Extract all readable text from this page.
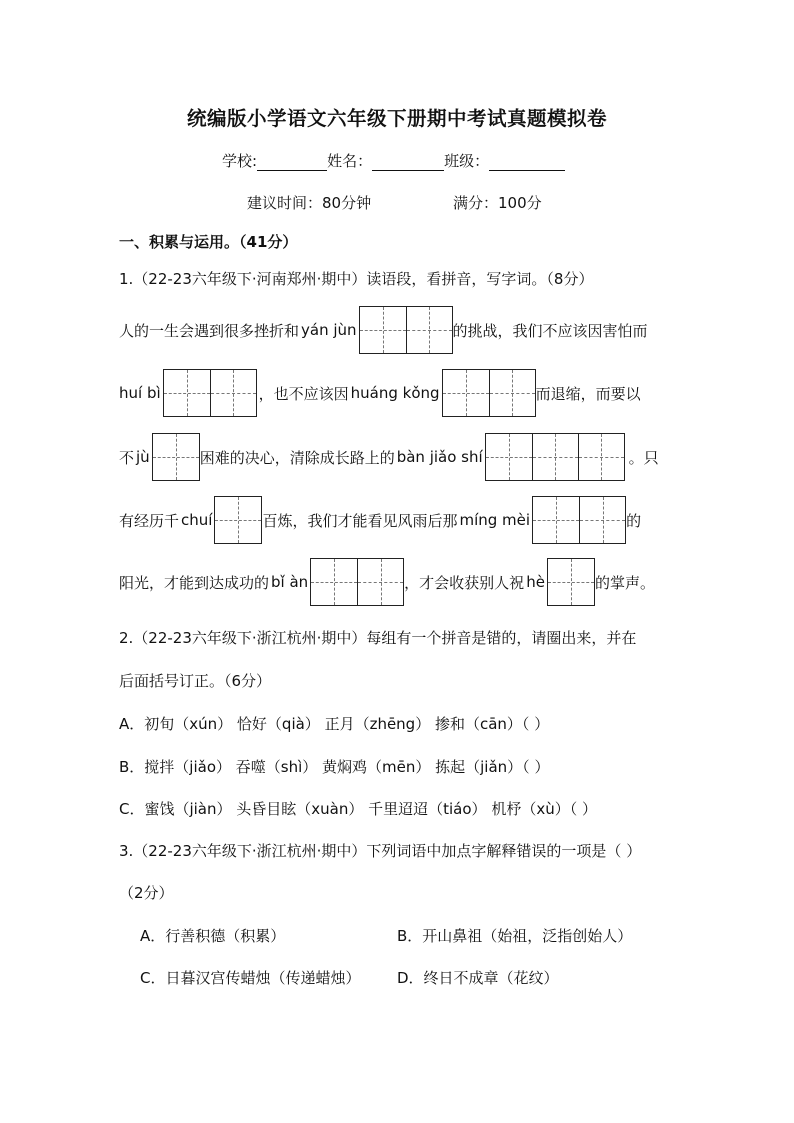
统编版小学语文六年级下册期中考试真题模拟卷
学校:	姓名：	班级：
建议时间：80分钟	满分：100分
一、积累与运用。（41分）
1.（22-23六年级下·河南郑州·期中）读语段，看拼音，写字词。（8分）
人的一生会遇到很多挫折和 yán jùn	的挑战，我们不应该因害怕而
huí bì	，也不应该因 huáng kǒng	而退缩，而要以
不 jù	困难的决心，清除成长路上的 bàn jiǎo shí	。只
有经历千 chuí	百炼，我们才能看见风雨后那 míng mèi	的
阳光，才能到达成功的 bǐ àn	，才会收获别人祝 hè	的掌声。
2.（22-23六年级下·浙江杭州·期中）每组有一个拼音是错的，请圈出来，并在
后面括号订正。（6分）
A．初旬（xún） 恰好（qià） 正月（zhēng） 掺和（cān）（ ）
B．搅拌（jiǎo） 吞噬（shì） 黄焖鸡（mēn） 拣起（jiǎn）（ ）
C．蜜饯（jiàn） 头昏目眩（xuàn） 千里迢迢（tiáo） 机杼（xù）（ ）
3.（22-23六年级下·浙江杭州·期中）下列词语中加点字解释错误的一项是（ ）
（2分）
A．行善积德（积累）	B．开山鼻祖（始祖，泛指创始人）
C．日暮汉宫传蜡烛（传递蜡烛） D．终日不成章（花纹）
